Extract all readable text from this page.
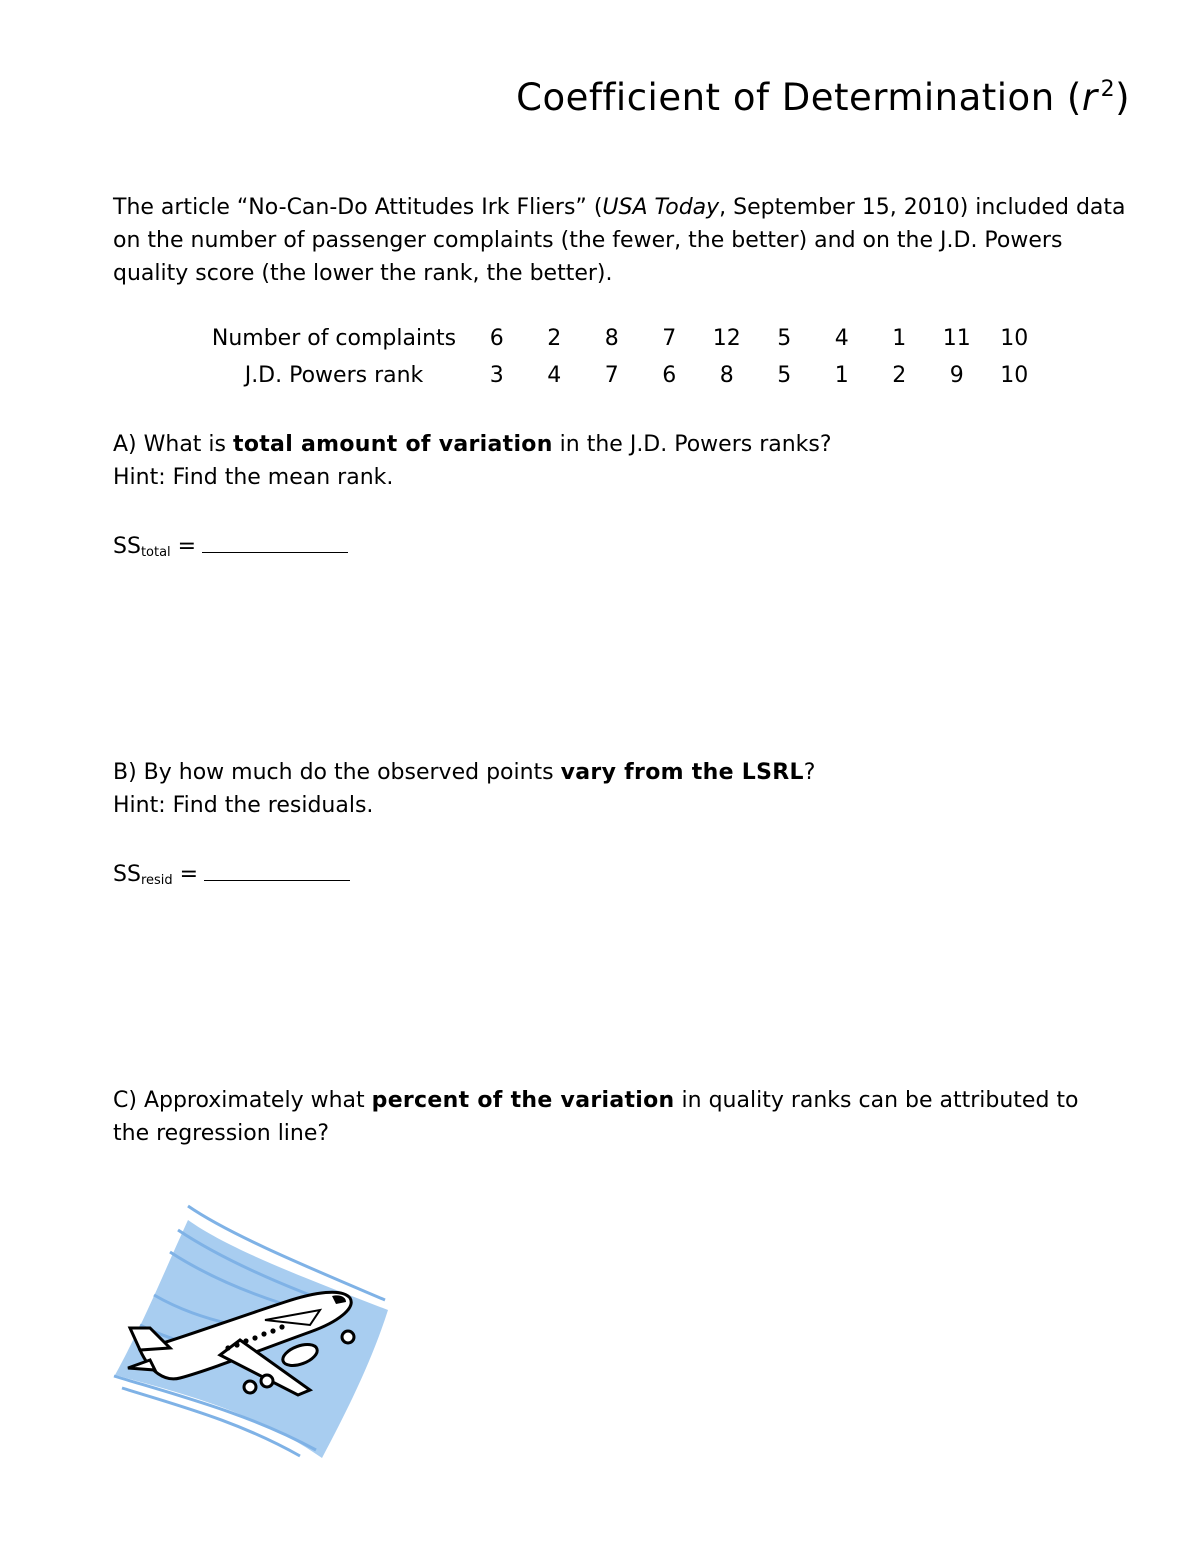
Coefficient of Determination (r $^2$)
The article “No-Can-Do Attitudes Irk Fliers” (USA Today, September 15, 2010) included data on the number of passenger complaints (the fewer, the better) and on the J.D. Powers quality score (the lower the rank, the better).
Number of complaints	6	2	8	7	12	5	4	1	11	10
J.D. Powers rank	3	4	7	6	8	5	1	2	9	10
A) What is total amount of variation in the J.D. Powers ranks?
Hint: Find the mean rank.
$SS_{total}$ =
B) By how much do the observed points vary from the LSRL?
Hint: Find the residuals.
$SS_{resid}$ =
C) Approximately what percent of the variation in quality ranks can be attributed to the regression line?
